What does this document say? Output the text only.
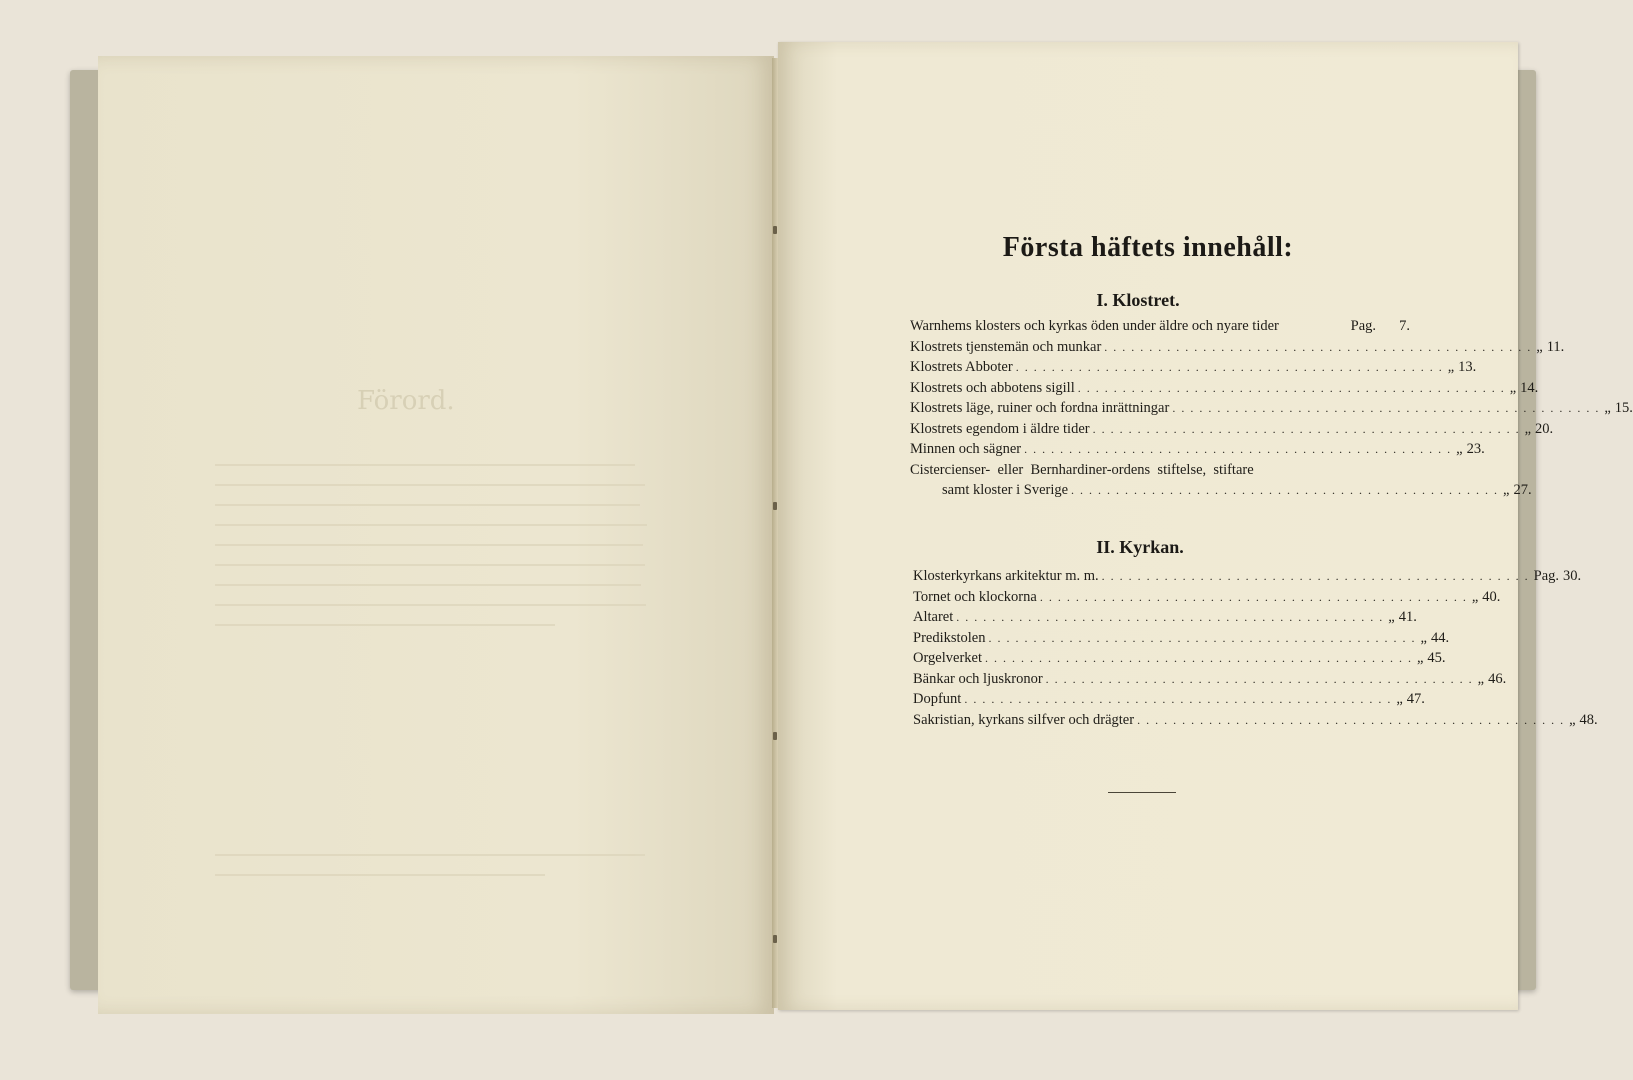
Förord.
Första häftets innehåll:
I. Klostret.
Warnhems klosters och kyrkas öden under äldre och nyare tider	Pag.	7.
Klostrets tjenstemän och munkar ................................................ „ 11.
Klostrets Abboter ................................................ „ 13.
Klostrets och abbotens sigill ................................................ „ 14.
Klostrets läge, ruiner och fordna inrättningar ................................................ „ 15.
Klostrets egendom i äldre tider ................................................ „ 20.
Minnen och sägner ................................................ „ 23.
Cistercienser-  eller  Bernhardiner-ordens  stiftelse,  stiftare
samt kloster i Sverige ................................................ „ 27.
II. Kyrkan.
Klosterkyrkans arkitektur m. m. ................................................ Pag. 30.
Tornet och klockorna ................................................ „ 40.
Altaret ................................................ „ 41.
Predikstolen ................................................ „ 44.
Orgelverket ................................................ „ 45.
Bänkar och ljuskronor ................................................ „ 46.
Dopfunt ................................................ „ 47.
Sakristian, kyrkans silfver och drägter ................................................ „ 48.
